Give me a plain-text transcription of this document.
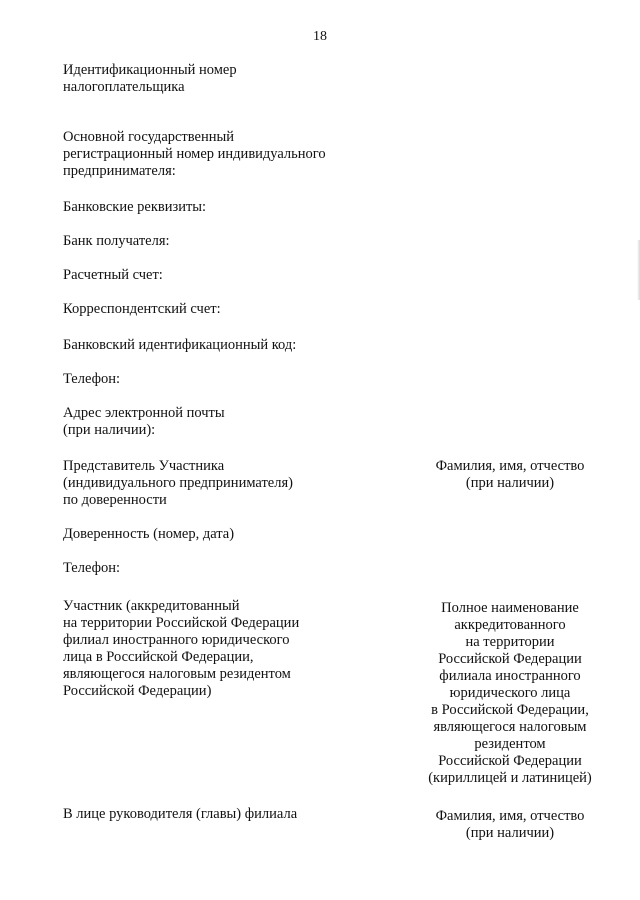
18
Идентификационный номер
налогоплательщика
Основной государственный
регистрационный номер индивидуального
предпринимателя:
Банковские реквизиты:
Банк получателя:
Расчетный счет:
Корреспондентский счет:
Банковский идентификационный код:
Телефон:
Адрес электронной почты
(при наличии):
Представитель Участника
(индивидуального предпринимателя)
по доверенности
Фамилия, имя, отчество
(при наличии)
Доверенность (номер, дата)
Телефон:
Участник (аккредитованный
на территории Российской Федерации
филиал иностранного юридического
лица в Российской Федерации,
являющегося налоговым резидентом
Российской Федерации)
Полное наименование
аккредитованного
на территории
Российской Федерации
филиала иностранного
юридического лица
в Российской Федерации,
являющегося налоговым
резидентом
Российской Федерации
(кириллицей и латиницей)
В лице руководителя (главы) филиала	Фамилия, имя, отчество
(при наличии)
